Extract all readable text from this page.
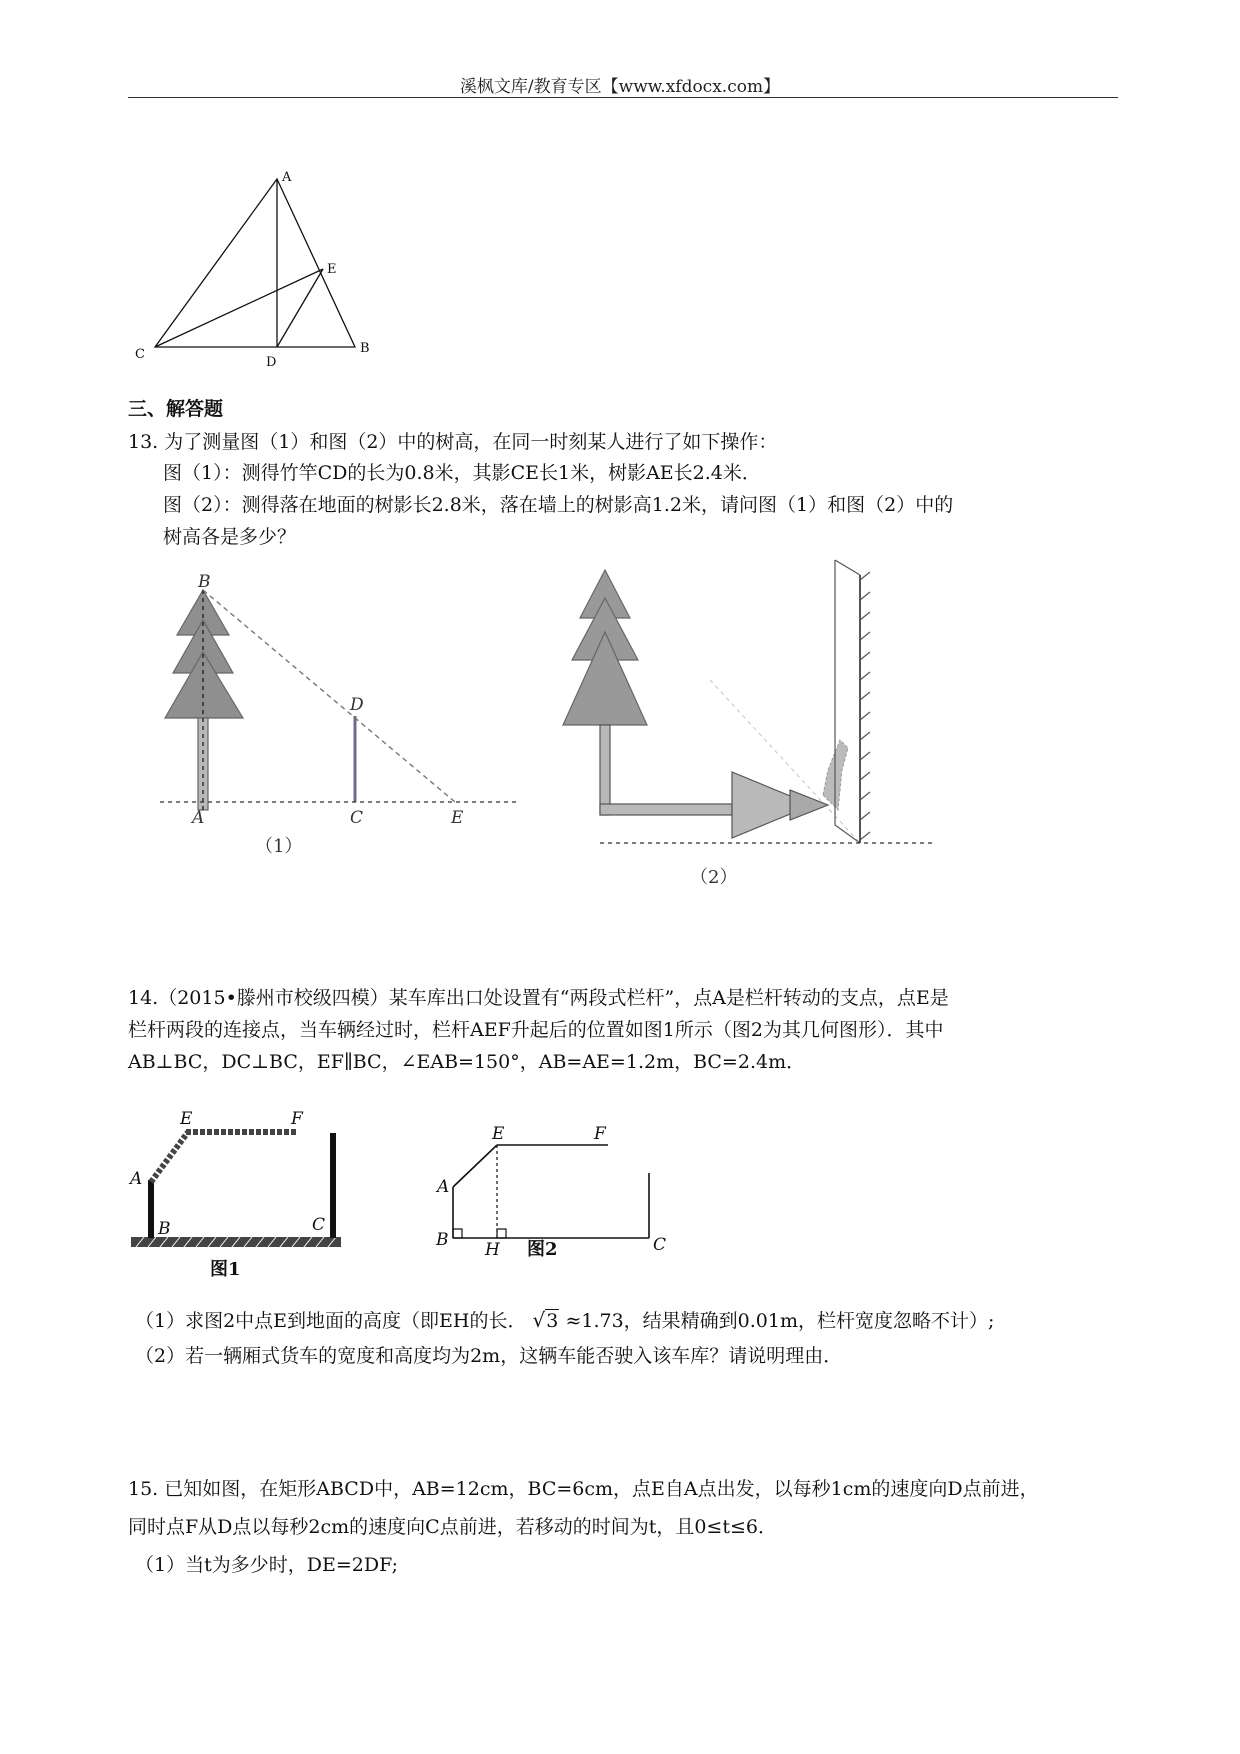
溪枫文库/教育专区【www.xfdocx.com】
A
E
C
D
B
三、解答题
13. 为了测量图（1）和图（2）中的树高，在同一时刻某人进行了如下操作：
图（1）：测得竹竿CD的长为0.8米，其影CE长1米，树影AE长2.4米．
图（2）：测得落在地面的树影长2.8米，落在墙上的树影高1.2米，请问图（1）和图（2）中的
树高各是多少？
B
D
A	C	E
（1）
（2）
14.（2015•滕州市校级四模）某车库出口处设置有“两段式栏杆”，点A是栏杆转动的支点，点E是
栏杆两段的连接点，当车辆经过时，栏杆AEF升起后的位置如图1所示（图2为其几何图形）．其中
AB⊥BC，DC⊥BC，EF∥BC，∠EAB=150°，AB=AE=1.2m，BC=2.4m．
E	F
A
B	C
图1
E	F
A
B H	C
图2
（1）求图2中点E到地面的高度（即EH的长． √3 ≈1.73，结果精确到0.01m，栏杆宽度忽略不计）;
（2）若一辆厢式货车的宽度和高度均为2m，这辆车能否驶入该车库？请说明理由．
15. 已知如图，在矩形ABCD中，AB=12cm，BC=6cm，点E自A点出发，以每秒1cm的速度向D点前进，
同时点F从D点以每秒2cm的速度向C点前进，若移动的时间为t，且0≤t≤6．
（1）当t为多少时，DE=2DF;
